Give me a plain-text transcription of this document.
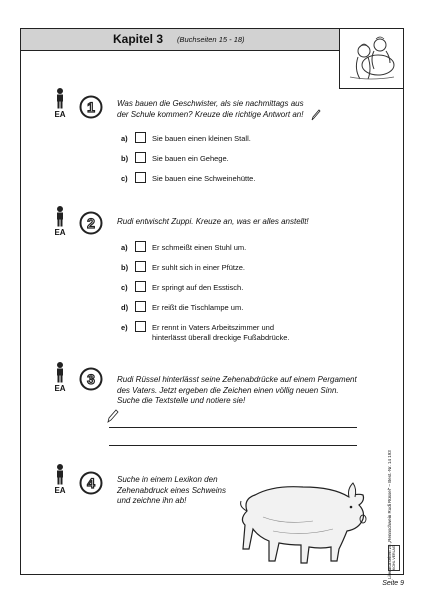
Kapitel 3 (Buchseiten 15 - 18)
EA	1	Was bauen die Geschwister, als sie nachmittags aus
der Schule kommen? Kreuze die richtige Antwort an!
a)	Sie bauen einen kleinen Stall.
b)	Sie bauen ein Gehege.
c)	Sie bauen eine Schweinehütte.
EA
2	Rudi entwischt Zuppi. Kreuze an, was er alles anstellt!
a)	Er schmeißt einen Stuhl um.
b)	Er suhlt sich in einer Pfütze.
c)	Er springt auf den Esstisch.
d)	Er reißt die Tischlampe um.
e)	Er rennt in Vaters Arbeitszimmer und
hinterlässt überall dreckige Fußabdrücke.
EA
3	Rudi Rüssel hinterlässt seine Zehenabdrücke auf einem Pergament
des Vaters. Jetzt ergeben die Zeichen einen völlig neuen Sinn.
Suche die Textstelle und notiere sie!
EA	4	Suche in einem Lexikon den
Zehenabdruck eines Schweins
und zeichne ihn ab!	Literaturseiten zu „Rennschwein Rudi Rüssel“ – Best.-Nr. 14 193 KOHL VERLAG
Seite 9
